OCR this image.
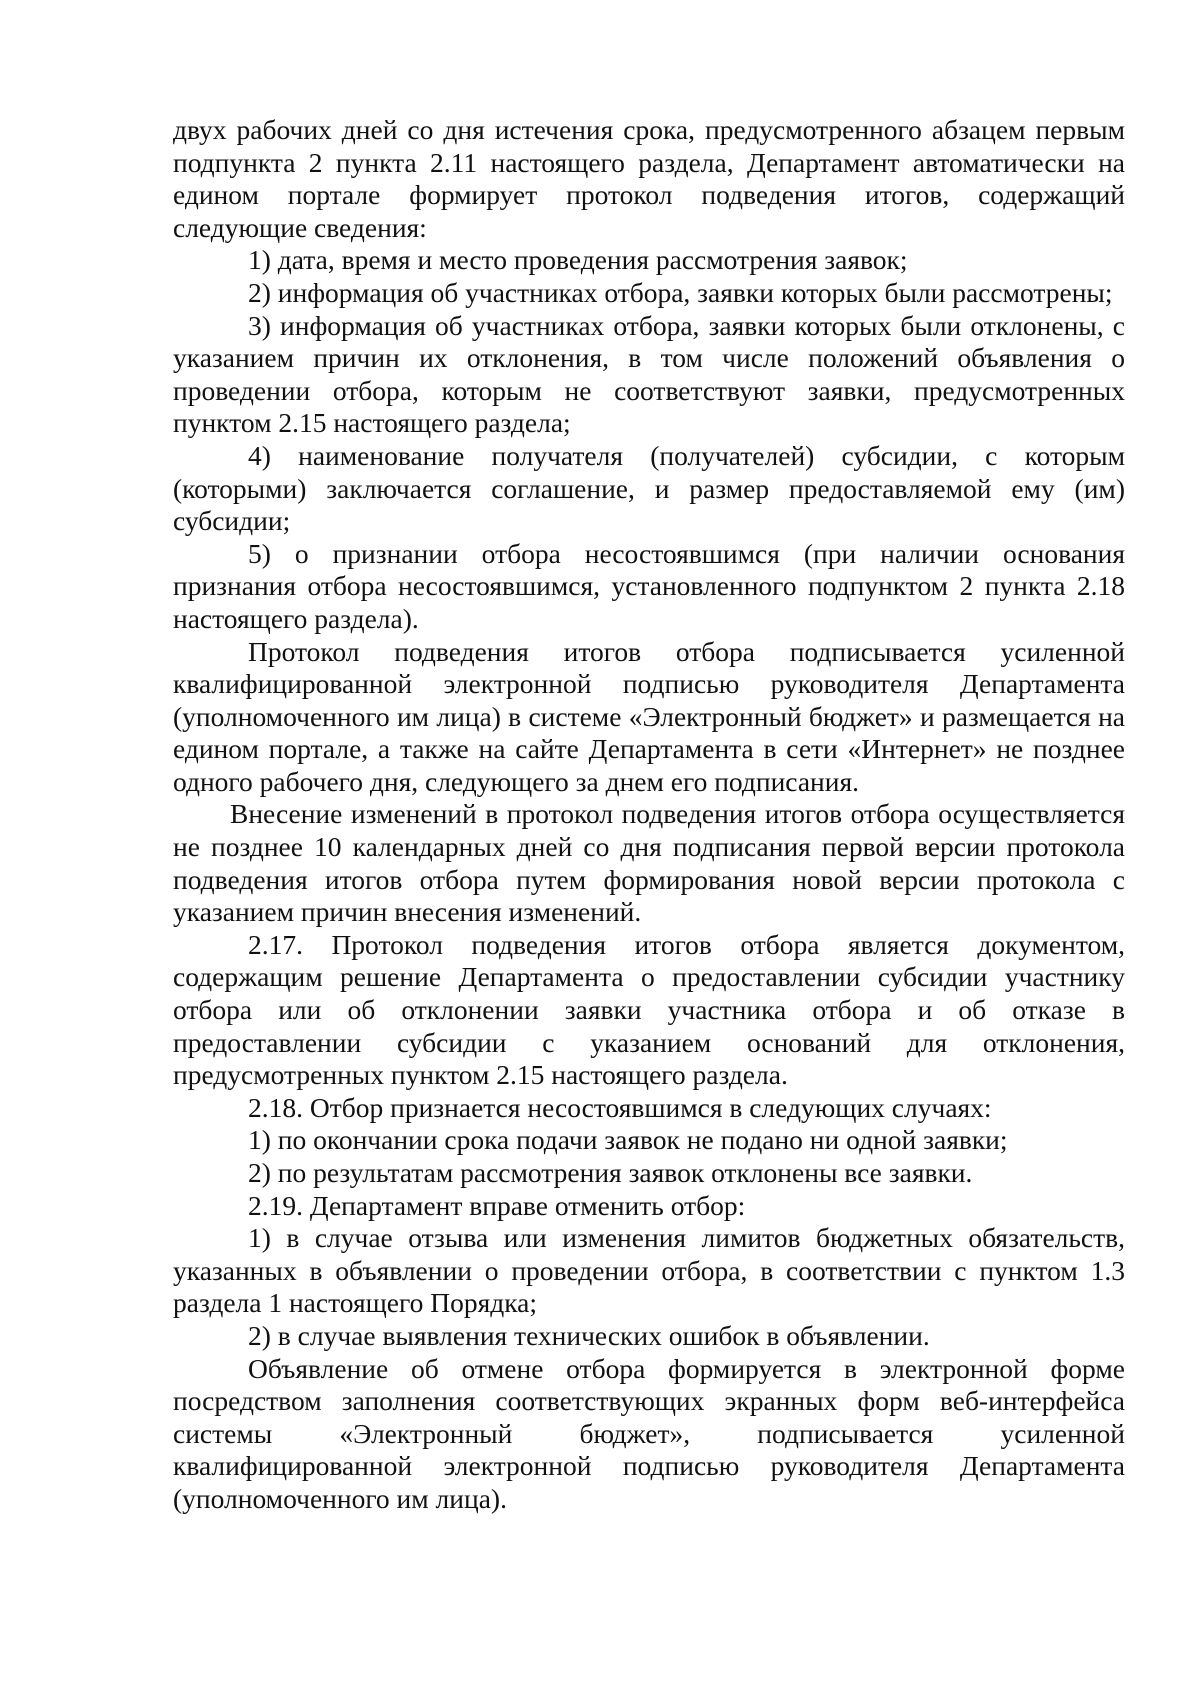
двух рабочих дней со дня истечения срока, предусмотренного абзацем первым подпункта 2 пункта 2.11 настоящего раздела, Департамент автоматически на едином портале формирует протокол подведения итогов, содержащий следующие сведения:

1) дата, время и место проведения рассмотрения заявок;

2) информация об участниках отбора, заявки которых были рассмотрены;

3) информация об участниках отбора, заявки которых были отклонены, с указанием причин их отклонения, в том числе положений объявления о проведении отбора, которым не соответствуют заявки, предусмотренных пунктом 2.15 настоящего раздела;

4) наименование получателя (получателей) субсидии, с которым (которыми) заключается соглашение, и размер предоставляемой ему (им) субсидии;

5) о признании отбора несостоявшимся (при наличии основания признания отбора несостоявшимся, установленного подпунктом 2 пункта 2.18 настоящего раздела).

Протокол подведения итогов отбора подписывается усиленной квалифицированной электронной подписью руководителя Департамента (уполномоченного им лица) в системе «Электронный бюджет» и размещается на едином портале, а также на сайте Департамента в сети «Интернет» не позднее одного рабочего дня, следующего за днем его подписания.

Внесение изменений в протокол подведения итогов отбора осуществляется не позднее 10 календарных дней со дня подписания первой версии протокола подведения итогов отбора путем формирования новой версии протокола с указанием причин внесения изменений.

2.17. Протокол подведения итогов отбора является документом, содержащим решение Департамента о предоставлении субсидии участнику отбора или об отклонении заявки участника отбора и об отказе в предоставлении субсидии с указанием оснований для отклонения, предусмотренных пунктом 2.15 настоящего раздела.

2.18. Отбор признается несостоявшимся в следующих случаях:

1) по окончании срока подачи заявок не подано ни одной заявки;

2) по результатам рассмотрения заявок отклонены все заявки.

2.19. Департамент вправе отменить отбор:

1) в случае отзыва или изменения лимитов бюджетных обязательств, указанных в объявлении о проведении отбора, в соответствии с пунктом 1.3 раздела 1 настоящего Порядка;

2) в случае выявления технических ошибок в объявлении.

Объявление об отмене отбора формируется в электронной форме посредством заполнения соответствующих экранных форм веб-интерфейса системы «Электронный бюджет», подписывается усиленной квалифицированной электронной подписью руководителя Департамента (уполномоченного им лица).
